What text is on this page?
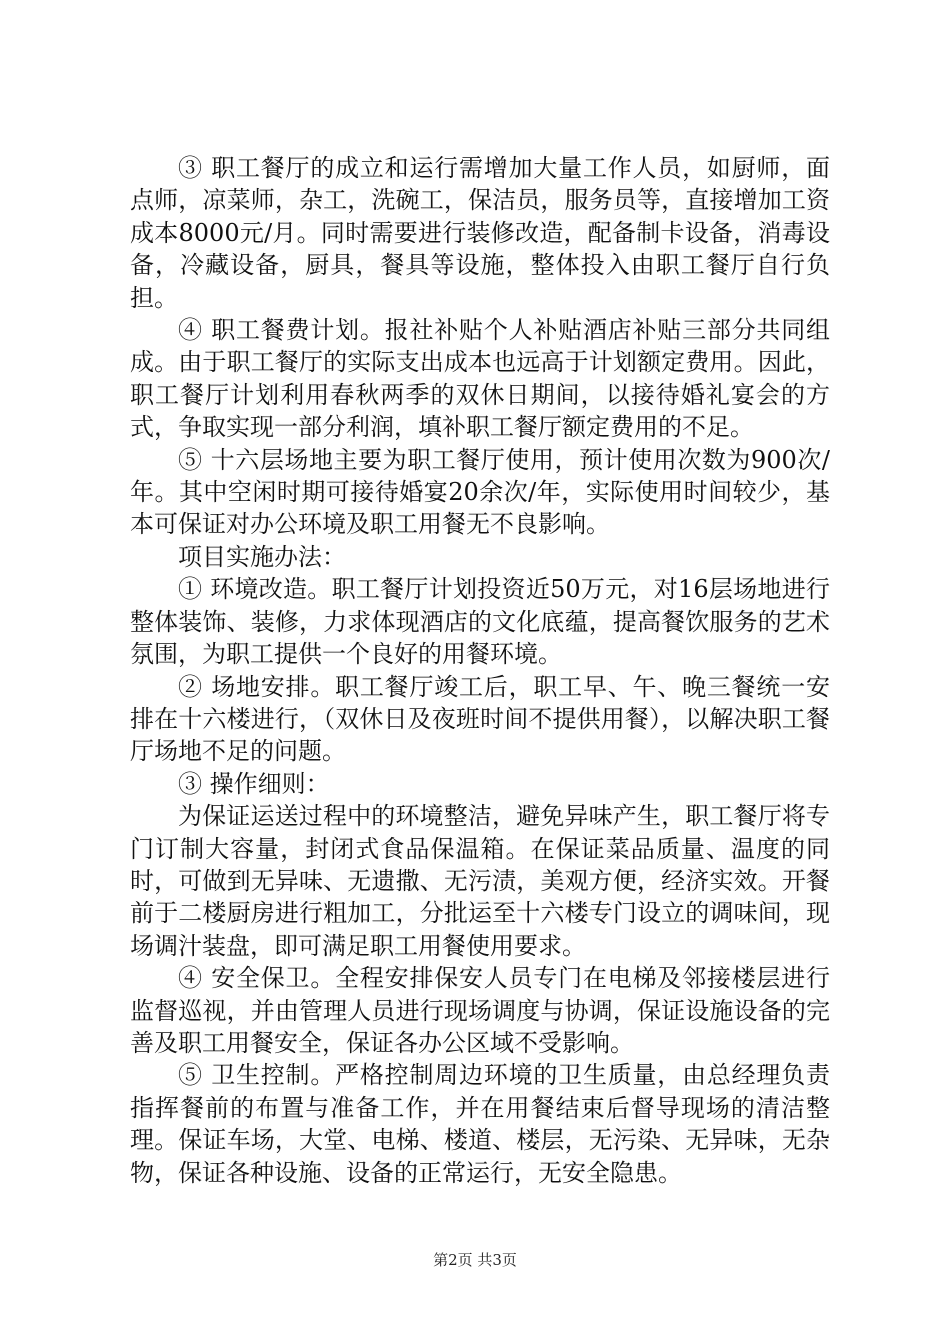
③ 职工餐厅的成立和运行需增加大量工作人员，如厨师，面点师，凉菜师，杂工，洗碗工，保洁员，服务员等，直接增加工资成本8000元/月。同时需要进行装修改造，配备制卡设备，消毒设备，冷藏设备，厨具，餐具等设施，整体投入由职工餐厅自行负担。

④ 职工餐费计划。报社补贴个人补贴酒店补贴三部分共同组成。由于职工餐厅的实际支出成本也远高于计划额定费用。因此，职工餐厅计划利用春秋两季的双休日期间，以接待婚礼宴会的方式，争取实现一部分利润，填补职工餐厅额定费用的不足。

⑤ 十六层场地主要为职工餐厅使用，预计使用次数为900次/年。其中空闲时期可接待婚宴20余次/年，实际使用时间较少，基本可保证对办公环境及职工用餐无不良影响。

项目实施办法：

① 环境改造。职工餐厅计划投资近50万元，对16层场地进行整体装饰、装修，力求体现酒店的文化底蕴，提高餐饮服务的艺术氛围，为职工提供一个良好的用餐环境。

② 场地安排。职工餐厅竣工后，职工早、午、晚三餐统一安排在十六楼进行，（双休日及夜班时间不提供用餐），以解决职工餐厅场地不足的问题。

③ 操作细则：

为保证运送过程中的环境整洁，避免异味产生，职工餐厅将专门订制大容量，封闭式食品保温箱。在保证菜品质量、温度的同时，可做到无异味、无遗撒、无污渍，美观方便，经济实效。开餐前于二楼厨房进行粗加工，分批运至十六楼专门设立的调味间，现场调汁装盘，即可满足职工用餐使用要求。

④ 安全保卫。全程安排保安人员专门在电梯及邻接楼层进行监督巡视，并由管理人员进行现场调度与协调，保证设施设备的完善及职工用餐安全，保证各办公区域不受影响。

⑤ 卫生控制。严格控制周边环境的卫生质量，由总经理负责指挥餐前的布置与准备工作，并在用餐结束后督导现场的清洁整理。保证车场，大堂、电梯、楼道、楼层，无污染、无异味，无杂物，保证各种设施、设备的正常运行，无安全隐患。

第2页 共3页
